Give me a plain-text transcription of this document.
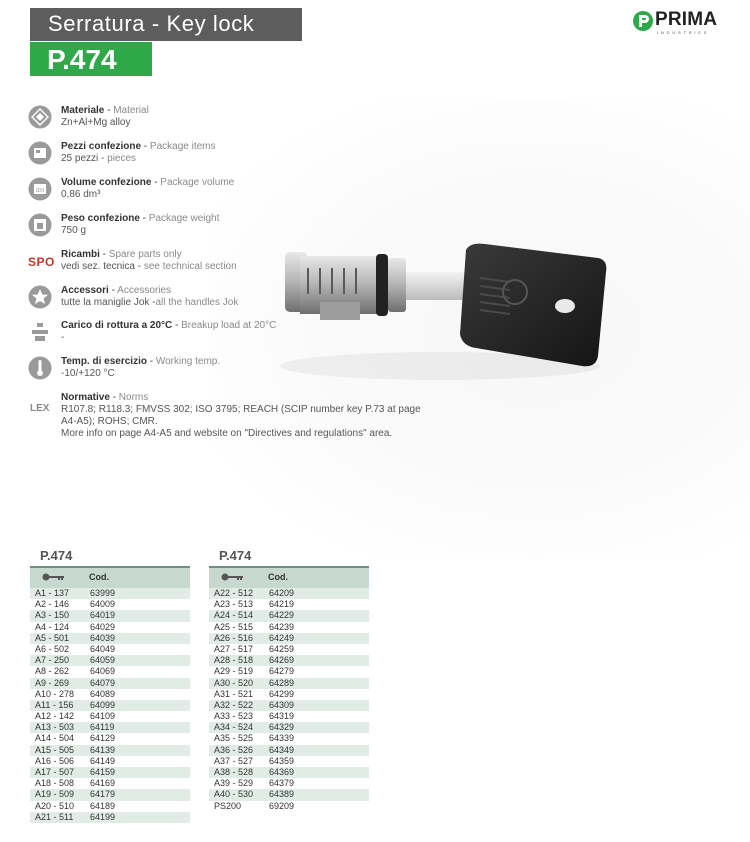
Serratura - Key lock
P.474
PRIMA
INDUSTRIES
Materiale - Material
Zn+Al+Mg alloy
Pezzi confezione - Package items
25 pezzi - pieces
dm
Volume confezione - Package volume
0,86 dm³
Peso confezione - Package weight
750 g
SPO
Ricambi - Spare parts only
vedi sez. tecnica - see technical section
Accessori - Accessories
tutte la maniglie Jok -all the handles Jok
Carico di rottura a 20°C - Breakup load at 20°C
-
Temp. di esercizio - Working temp.
-10/+120 °C
LEX
Normative - Norms
R107.8; R118.3; FMVSS 302; ISO 3795; REACH (SCIP number key P.73 at page
A4-A5); ROHS; CMR.
More info on page A4-A5 and website on "Directives and regulations" area.
P.474
Cod.
A1 - 137 63999
A2 - 146 64009
A3 - 150 64019
A4 - 124 64029
A5 - 501 64039
A6 - 502 64049
A7 - 250 64059
A8 - 262 64069
A9 - 269 64079
A10 - 278 64089
A11 - 156 64099
A12 - 142 64109
A13 - 503 64119
A14 - 504 64129
A15 - 505 64139
A16 - 506 64149
A17 - 507 64159
A18 - 508 64169
A19 - 509 64179
A20 - 510 64189
A21 - 511 64199
P.474
Cod.
A22 - 512 64209
A23 - 513 64219
A24 - 514 64229
A25 - 515 64239
A26 - 516 64249
A27 - 517 64259
A28 - 518 64269
A29 - 519 64279
A30 - 520 64289
A31 - 521 64299
A32 - 522 64309
A33 - 523 64319
A34 - 524 64329
A35 - 525 64339
A36 - 526 64349
A37 - 527 64359
A38 - 528 64369
A39 - 529 64379
A40 - 530 64389
PS200	69209
